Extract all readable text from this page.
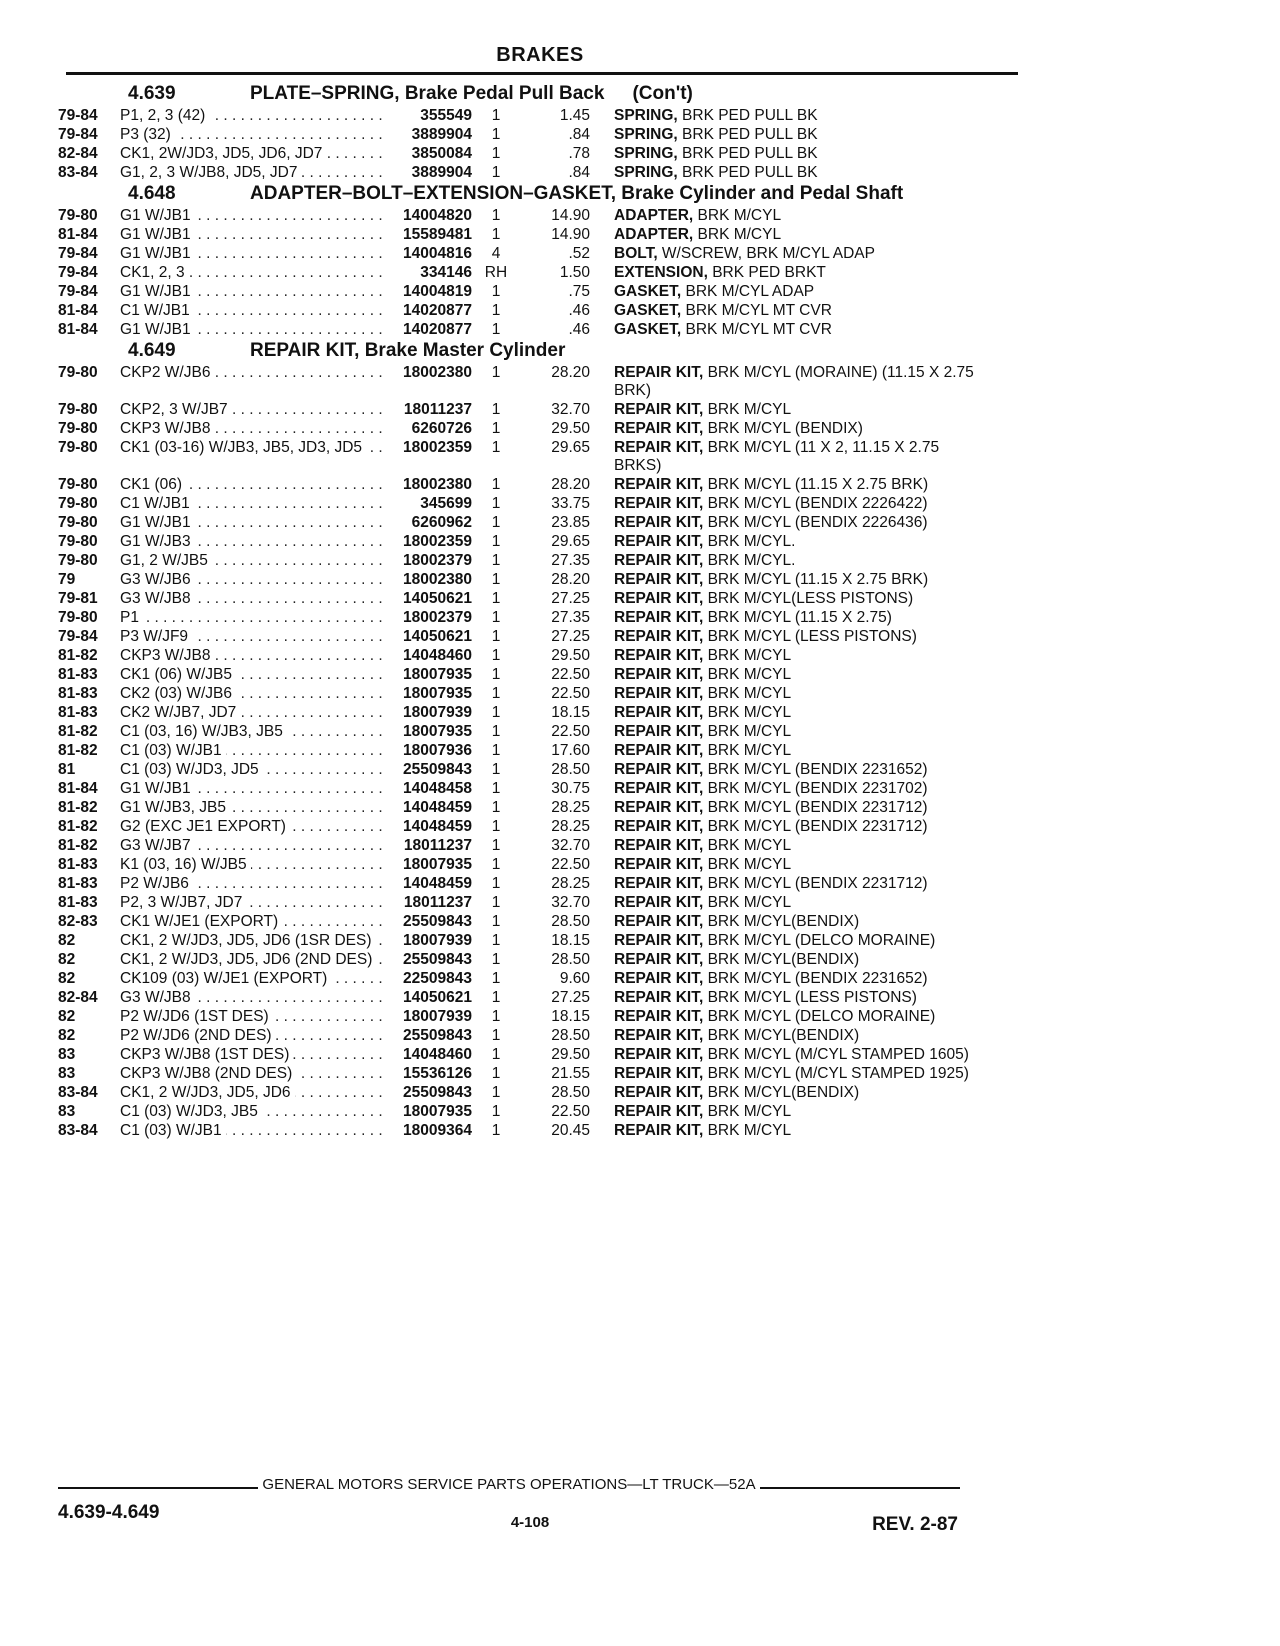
BRAKES
4.639	PLATE–SPRING, Brake Pedal Pull Back (Con't)
79-84	P1, 2, 3 (42) . . .	355549	1	1.45 SPRING, BRK PED PULL BK
79-84	P3 (32) . . .	3889904	1	.84 SPRING, BRK PED PULL BK
82-84	CK1, 2W/JD3, JD5, JD6, JD7 . . .	3850084	1	.78 SPRING, BRK PED PULL BK
83-84	G1, 2, 3 W/JB8, JD5, JD7 . . .	3889904	1	.84 SPRING, BRK PED PULL BK
4.648	ADAPTER–BOLT–EXTENSION–GASKET, Brake Cylinder and Pedal Shaft
79-80	G1 W/JB1 . . .	14004820	1	14.90 ADAPTER, BRK M/CYL
81-84	G1 W/JB1 . . .	15589481	1	14.90 ADAPTER, BRK M/CYL
79-84	G1 W/JB1 . . .	14004816	4	.52 BOLT, W/SCREW, BRK M/CYL ADAP
79-84	CK1, 2, 3 . . .	334146 RH	1.50 EXTENSION, BRK PED BRKT
79-84	G1 W/JB1 . . .	14004819	1	.75 GASKET, BRK M/CYL ADAP
81-84	C1 W/JB1 . . .	14020877	1	.46 GASKET, BRK M/CYL MT CVR
81-84	G1 W/JB1 . . .	14020877	1	.46 GASKET, BRK M/CYL MT CVR
4.649	REPAIR KIT, Brake Master Cylinder
79-80	CKP2 W/JB6 . . .	18002380	1	28.20 REPAIR KIT, BRK M/CYL (MORAINE) (11.15 X 2.75 BRK)
79-80	CKP2, 3 W/JB7 . . .	18011237	1	32.70 REPAIR KIT, BRK M/CYL
79-80	CKP3 W/JB8 . . .	6260726	1	29.50 REPAIR KIT, BRK M/CYL (BENDIX)
79-80	CK1 (03-16) W/JB3, JB5, JD3, JD5 . . .	18002359	1	29.65 REPAIR KIT, BRK M/CYL (11 X 2, 11.15 X 2.75 BRKS)
79-80	CK1 (06) . . .	18002380	1	28.20 REPAIR KIT, BRK M/CYL (11.15 X 2.75 BRK)
79-80	C1 W/JB1 . . .	345699	1	33.75 REPAIR KIT, BRK M/CYL (BENDIX 2226422)
79-80	G1 W/JB1 . . .	6260962	1	23.85 REPAIR KIT, BRK M/CYL (BENDIX 2226436)
79-80	G1 W/JB3 . . .	18002359	1	29.65 REPAIR KIT, BRK M/CYL.
79-80	G1, 2 W/JB5 . . .	18002379	1	27.35 REPAIR KIT, BRK M/CYL.
79	G3 W/JB6 . . .	18002380	1	28.20 REPAIR KIT, BRK M/CYL (11.15 X 2.75 BRK)
79-81	G3 W/JB8 . . .	14050621	1	27.25 REPAIR KIT, BRK M/CYL(LESS PISTONS)
79-80	P1 . . .	18002379	1	27.35 REPAIR KIT, BRK M/CYL (11.15 X 2.75)
79-84	P3 W/JF9 . . .	14050621	1	27.25 REPAIR KIT, BRK M/CYL (LESS PISTONS)
81-82	CKP3 W/JB8 . . .	14048460	1	29.50 REPAIR KIT, BRK M/CYL
81-83	CK1 (06) W/JB5 . . .	18007935	1	22.50 REPAIR KIT, BRK M/CYL
81-83	CK2 (03) W/JB6 . . .	18007935	1	22.50 REPAIR KIT, BRK M/CYL
81-83	CK2 W/JB7, JD7 . . .	18007939	1	18.15 REPAIR KIT, BRK M/CYL
81-82	C1 (03, 16) W/JB3, JB5 . . .	18007935	1	22.50 REPAIR KIT, BRK M/CYL
81-82	C1 (03) W/JB1 . . .	18007936	1	17.60 REPAIR KIT, BRK M/CYL
81	C1 (03) W/JD3, JD5 . . .	25509843	1	28.50 REPAIR KIT, BRK M/CYL (BENDIX 2231652)
81-84	G1 W/JB1 . . .	14048458	1	30.75 REPAIR KIT, BRK M/CYL (BENDIX 2231702)
81-82	G1 W/JB3, JB5 . . .	14048459	1	28.25 REPAIR KIT, BRK M/CYL (BENDIX 2231712)
81-82	G2 (EXC JE1 EXPORT) . . .	14048459	1	28.25 REPAIR KIT, BRK M/CYL (BENDIX 2231712)
81-82	G3 W/JB7 . . .	18011237	1	32.70 REPAIR KIT, BRK M/CYL
81-83	K1 (03, 16) W/JB5 . . .	18007935	1	22.50 REPAIR KIT, BRK M/CYL
81-83	P2 W/JB6 . . .	14048459	1	28.25 REPAIR KIT, BRK M/CYL (BENDIX 2231712)
81-83	P2, 3 W/JB7, JD7 . . .	18011237	1	32.70 REPAIR KIT, BRK M/CYL
82-83	CK1 W/JE1 (EXPORT) . . .	25509843	1	28.50 REPAIR KIT, BRK M/CYL(BENDIX)
82	CK1, 2 W/JD3, JD5, JD6 (1SR DES) . . .	18007939	1	18.15 REPAIR KIT, BRK M/CYL (DELCO MORAINE)
82	CK1, 2 W/JD3, JD5, JD6 (2ND DES) . . .	25509843	1	28.50 REPAIR KIT, BRK M/CYL(BENDIX)
82	CK109 (03) W/JE1 (EXPORT) . . .	22509843	1	9.60 REPAIR KIT, BRK M/CYL (BENDIX 2231652)
82-84	G3 W/JB8 . . .	14050621	1	27.25 REPAIR KIT, BRK M/CYL (LESS PISTONS)
82	P2 W/JD6 (1ST DES) . . .	18007939	1	18.15 REPAIR KIT, BRK M/CYL (DELCO MORAINE)
82	P2 W/JD6 (2ND DES) . . .	25509843	1	28.50 REPAIR KIT, BRK M/CYL(BENDIX)
83	CKP3 W/JB8 (1ST DES) . . .	14048460	1	29.50 REPAIR KIT, BRK M/CYL (M/CYL STAMPED 1605)
83	CKP3 W/JB8 (2ND DES) . . .	15536126	1	21.55 REPAIR KIT, BRK M/CYL (M/CYL STAMPED 1925)
83-84	CK1, 2 W/JD3, JD5, JD6 . . .	25509843	1	28.50 REPAIR KIT, BRK M/CYL(BENDIX)
83	C1 (03) W/JD3, JB5 . . .	18007935	1	22.50 REPAIR KIT, BRK M/CYL
83-84	C1 (03) W/JB1 . . .	18009364	1	20.45 REPAIR KIT, BRK M/CYL
GENERAL MOTORS SERVICE PARTS OPERATIONS—LT TRUCK—52A
4.639-4.649	4-108	REV. 2-87
